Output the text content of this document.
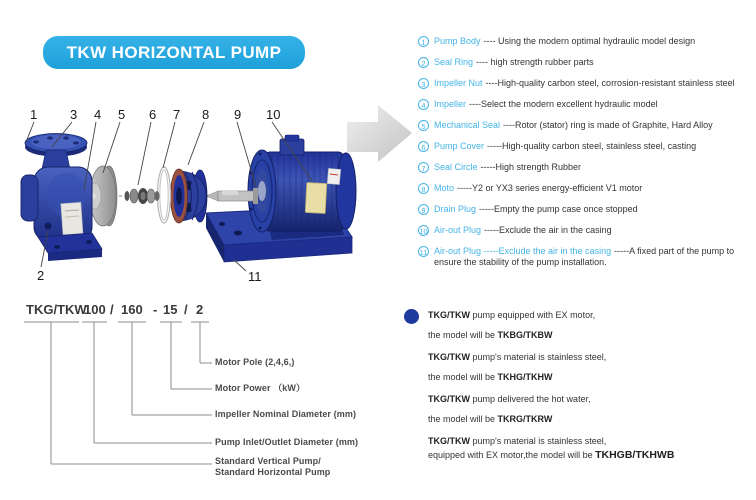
TKW HORIZONTAL PUMP
1	3 4 5 6 7 8 9 10
2	11
1 Pump Body ---- Using the modern optimal hydraulic model design
2 Seal Ring ---- high strength rubber parts
3 Impeller Nut ----High-quality carbon steel, corrosion-resistant stainless steel
4 Impeller ----Select the modern excellent hydraulic model
5 Mechanical Seal ----Rotor (stator) ring is made of Graphite, Hard Alloy
6 Pump Cover -----High-quality carbon steel, stainless steel, casting
7 Seal Circle -----High strength Rubber
8 Moto -----Y2 or YX3 series energy-efficient V1 motor
9 Drain Plug -----Empty the pump case once stopped
10 Air-out Plug -----Exclude the air in the casing
11 Air-out Plug -----Exclude the air in the casing -----A fixed part of the pump to ensure the stability of the pump installation.
TKG/TKW
100 / 160 - 15 / 2
Motor Pole (2,4,6,)
Motor Power （kW）
Impeller Nominal Diameter (mm)
Pump Inlet/Outlet Diameter (mm)
Standard Vertical Pump/
Standard Horizontal Pump
TKG/TKW pump equipped with EX motor,
the model will be TKBG/TKBW
TKG/TKW pump's material is stainless steel,
the model will be TKHG/TKHW
TKG/TKW pump delivered the hot water,
the model will be TKRG/TKRW
TKG/TKW pump's material is stainless steel,
equipped with EX motor,the model will be TKHGB/TKHWB
